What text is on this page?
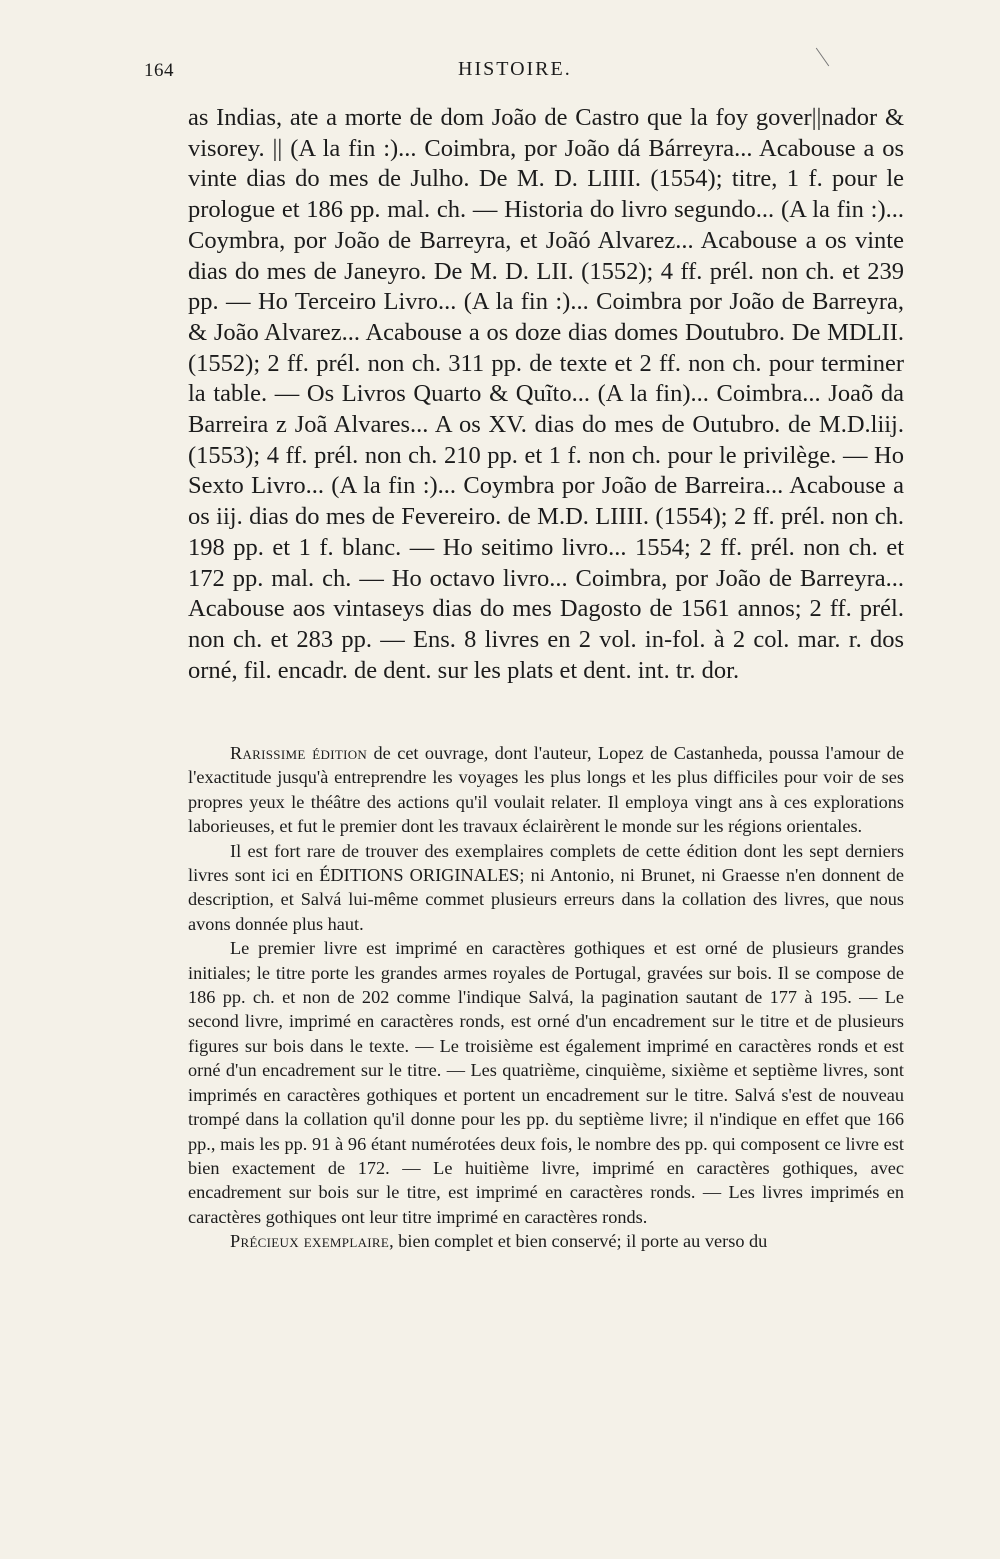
164	HISTOIRE.

as Indias, ate a morte de dom João de Castro que la foy gover||nador & visorey. || (A la fin :)... Coimbra, por João dá Bárreyra... Acabouse a os vinte dias do mes de Julho. De M. D. LIIII. (1554); titre, 1 f. pour le prologue et 186 pp. mal. ch. — Historia do livro segundo... (A la fin :)... Coymbra, por João de Barreyra, et Joãó Alvarez... Acabouse a os vinte dias do mes de Janeyro. De M. D. LII. (1552); 4 ff. prél. non ch. et 239 pp. — Ho Terceiro Livro... (A la fin :)... Coimbra por João de Barreyra, & João Alvarez... Acabouse a os doze dias domes Doutubro. De MDLII. (1552); 2 ff. prél. non ch. 311 pp. de texte et 2 ff. non ch. pour terminer la table. — Os Livros Quarto & Quĩto... (A la fin)... Coimbra... Joaõ da Barreira z Joã Alvares... A os XV. dias do mes de Outubro. de M.D.liij. (1553); 4 ff. prél. non ch. 210 pp. et 1 f. non ch. pour le privilège. — Ho Sexto Livro... (A la fin :)... Coymbra por João de Barreira... Acabouse a os iij. dias do mes de Fevereiro. de M.D. LIIII. (1554); 2 ff. prél. non ch. 198 pp. et 1 f. blanc. — Ho seitimo livro... 1554; 2 ff. prél. non ch. et 172 pp. mal. ch. — Ho octavo livro... Coimbra, por João de Barreyra... Acabouse aos vintaseys dias do mes Dagosto de 1561 annos; 2 ff. prél. non ch. et 283 pp. — Ens. 8 livres en 2 vol. in-fol. à 2 col. mar. r. dos orné, fil. encadr. de dent. sur les plats et dent. int. tr. dor.

Rarissime édition de cet ouvrage, dont l'auteur, Lopez de Castanheda, poussa l'amour de l'exactitude jusqu'à entreprendre les voyages les plus longs et les plus difficiles pour voir de ses propres yeux le théâtre des actions qu'il voulait relater. Il employa vingt ans à ces explorations laborieuses, et fut le premier dont les travaux éclairèrent le monde sur les régions orientales.

Il est fort rare de trouver des exemplaires complets de cette édition dont les sept derniers livres sont ici en ÉDITIONS ORIGINALES; ni Antonio, ni Brunet, ni Graesse n'en donnent de description, et Salvá lui-même commet plusieurs erreurs dans la collation des livres, que nous avons donnée plus haut.

Le premier livre est imprimé en caractères gothiques et est orné de plusieurs grandes initiales; le titre porte les grandes armes royales de Portugal, gravées sur bois. Il se compose de 186 pp. ch. et non de 202 comme l'indique Salvá, la pagination sautant de 177 à 195. — Le second livre, imprimé en caractères ronds, est orné d'un encadrement sur le titre et de plusieurs figures sur bois dans le texte. — Le troisième est également imprimé en caractères ronds et est orné d'un encadrement sur le titre. — Les quatrième, cinquième, sixième et septième livres, sont imprimés en caractères gothiques et portent un encadrement sur le titre. Salvá s'est de nouveau trompé dans la collation qu'il donne pour les pp. du septième livre; il n'indique en effet que 166 pp., mais les pp. 91 à 96 étant numérotées deux fois, le nombre des pp. qui composent ce livre est bien exactement de 172. — Le huitième livre, imprimé en caractères gothiques, avec encadrement sur bois sur le titre, est imprimé en caractères ronds. — Les livres imprimés en caractères gothiques ont leur titre imprimé en caractères ronds.

Précieux exemplaire, bien complet et bien conservé; il porte au verso du
